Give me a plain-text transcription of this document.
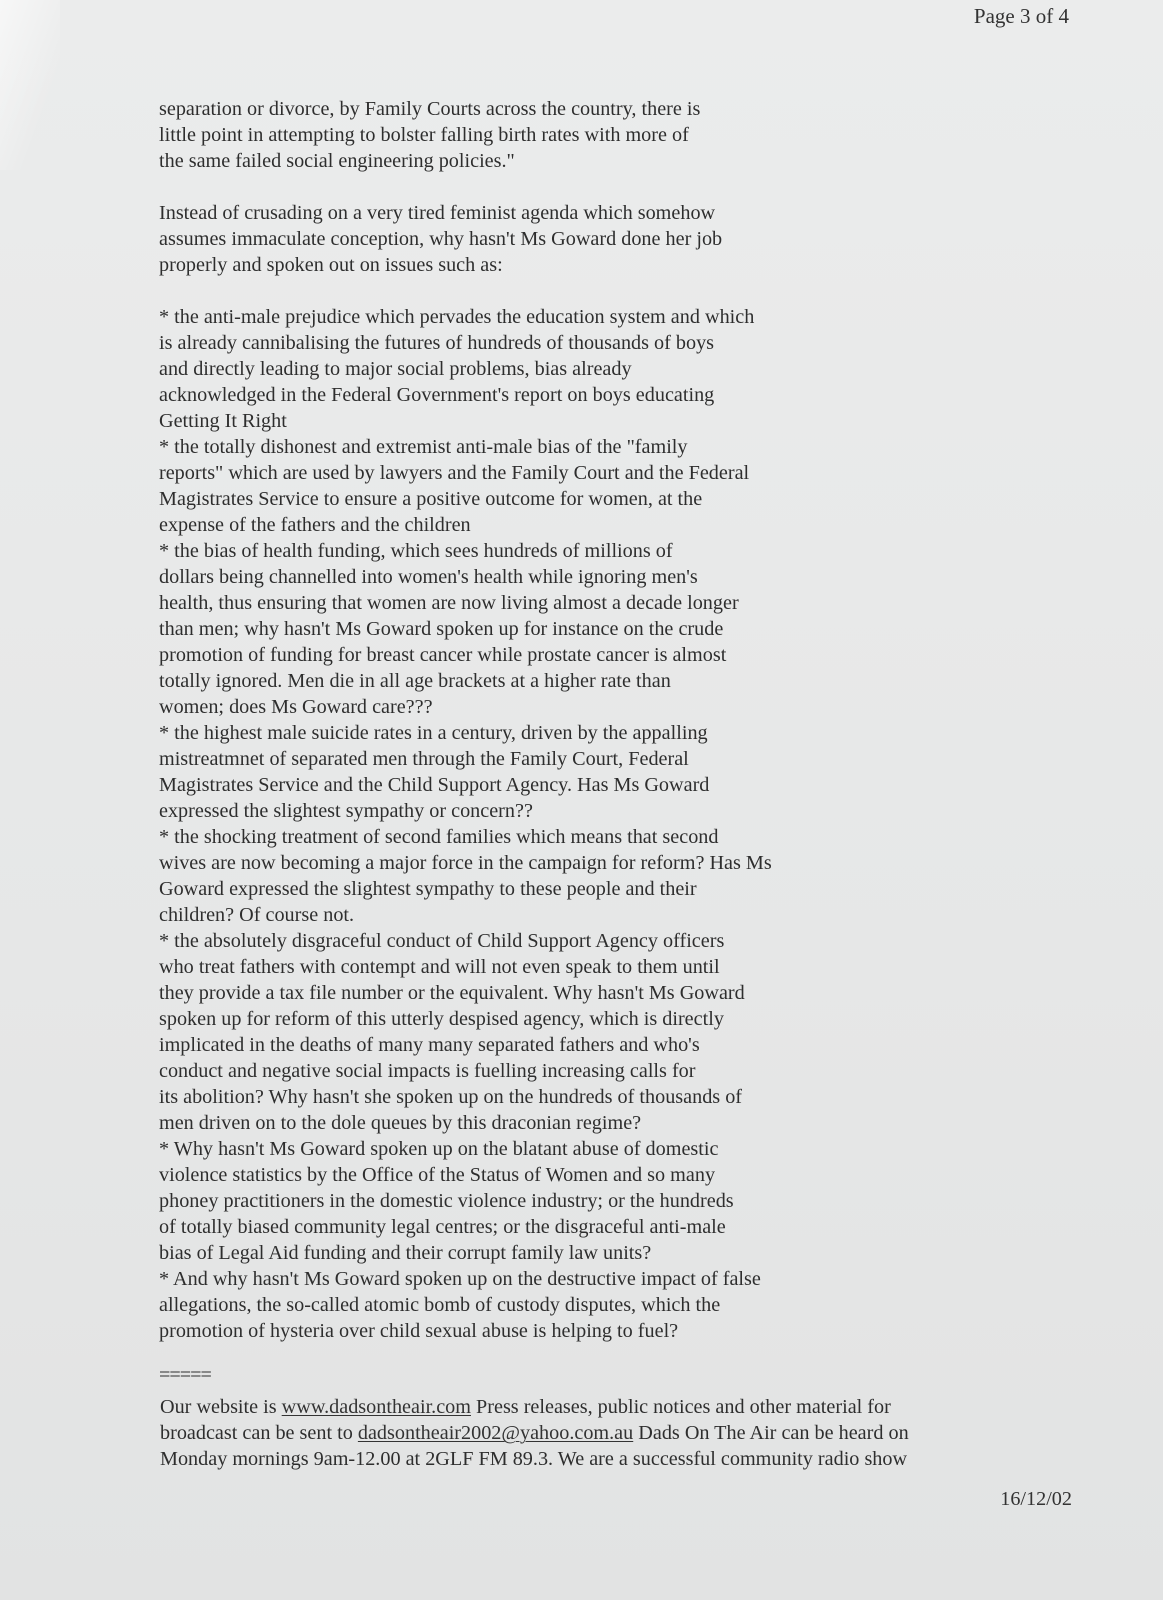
Page 3 of 4
separation or divorce, by Family Courts across the country, there is
little point in attempting to bolster falling birth rates with more of
the same failed social engineering policies."
Instead of crusading on a very tired feminist agenda which somehow
assumes immaculate conception, why hasn't Ms Goward done her job
properly and spoken out on issues such as:
* the anti-male prejudice which pervades the education system and which
is already cannibalising the futures of hundreds of thousands of boys
and directly leading to major social problems, bias already
acknowledged in the Federal Government's report on boys educating
Getting It Right
* the totally dishonest and extremist anti-male bias of the "family
reports" which are used by lawyers and the Family Court and the Federal
Magistrates Service to ensure a positive outcome for women, at the
expense of the fathers and the children
* the bias of health funding, which sees hundreds of millions of
dollars being channelled into women's health while ignoring men's
health, thus ensuring that women are now living almost a decade longer
than men; why hasn't Ms Goward spoken up for instance on the crude
promotion of funding for breast cancer while prostate cancer is almost
totally ignored. Men die in all age brackets at a higher rate than
women; does Ms Goward care???
* the highest male suicide rates in a century, driven by the appalling
mistreatmnet of separated men through the Family Court, Federal
Magistrates Service and the Child Support Agency. Has Ms Goward
expressed the slightest sympathy or concern??
* the shocking treatment of second families which means that second
wives are now becoming a major force in the campaign for reform? Has Ms
Goward expressed the slightest sympathy to these people and their
children? Of course not.
* the absolutely disgraceful conduct of Child Support Agency officers
who treat fathers with contempt and will not even speak to them until
they provide a tax file number or the equivalent. Why hasn't Ms Goward
spoken up for reform of this utterly despised agency, which is directly
implicated in the deaths of many many separated fathers and who's
conduct and negative social impacts is fuelling increasing calls for
its abolition? Why hasn't she spoken up on the hundreds of thousands of
men driven on to the dole queues by this draconian regime?
* Why hasn't Ms Goward spoken up on the blatant abuse of domestic
violence statistics by the Office of the Status of Women and so many
phoney practitioners in the domestic violence industry; or the hundreds
of totally biased community legal centres; or the disgraceful anti-male
bias of Legal Aid funding and their corrupt family law units?
* And why hasn't Ms Goward spoken up on the destructive impact of false
allegations, the so-called atomic bomb of custody disputes, which the
promotion of hysteria over child sexual abuse is helping to fuel?
=====
Our website is www.dadsontheair.com Press releases, public notices and other material for
broadcast can be sent to dadsontheair2002@yahoo.com.au Dads On The Air can be heard on
Monday mornings 9am-12.00 at 2GLF FM 89.3. We are a successful community radio show
16/12/02
